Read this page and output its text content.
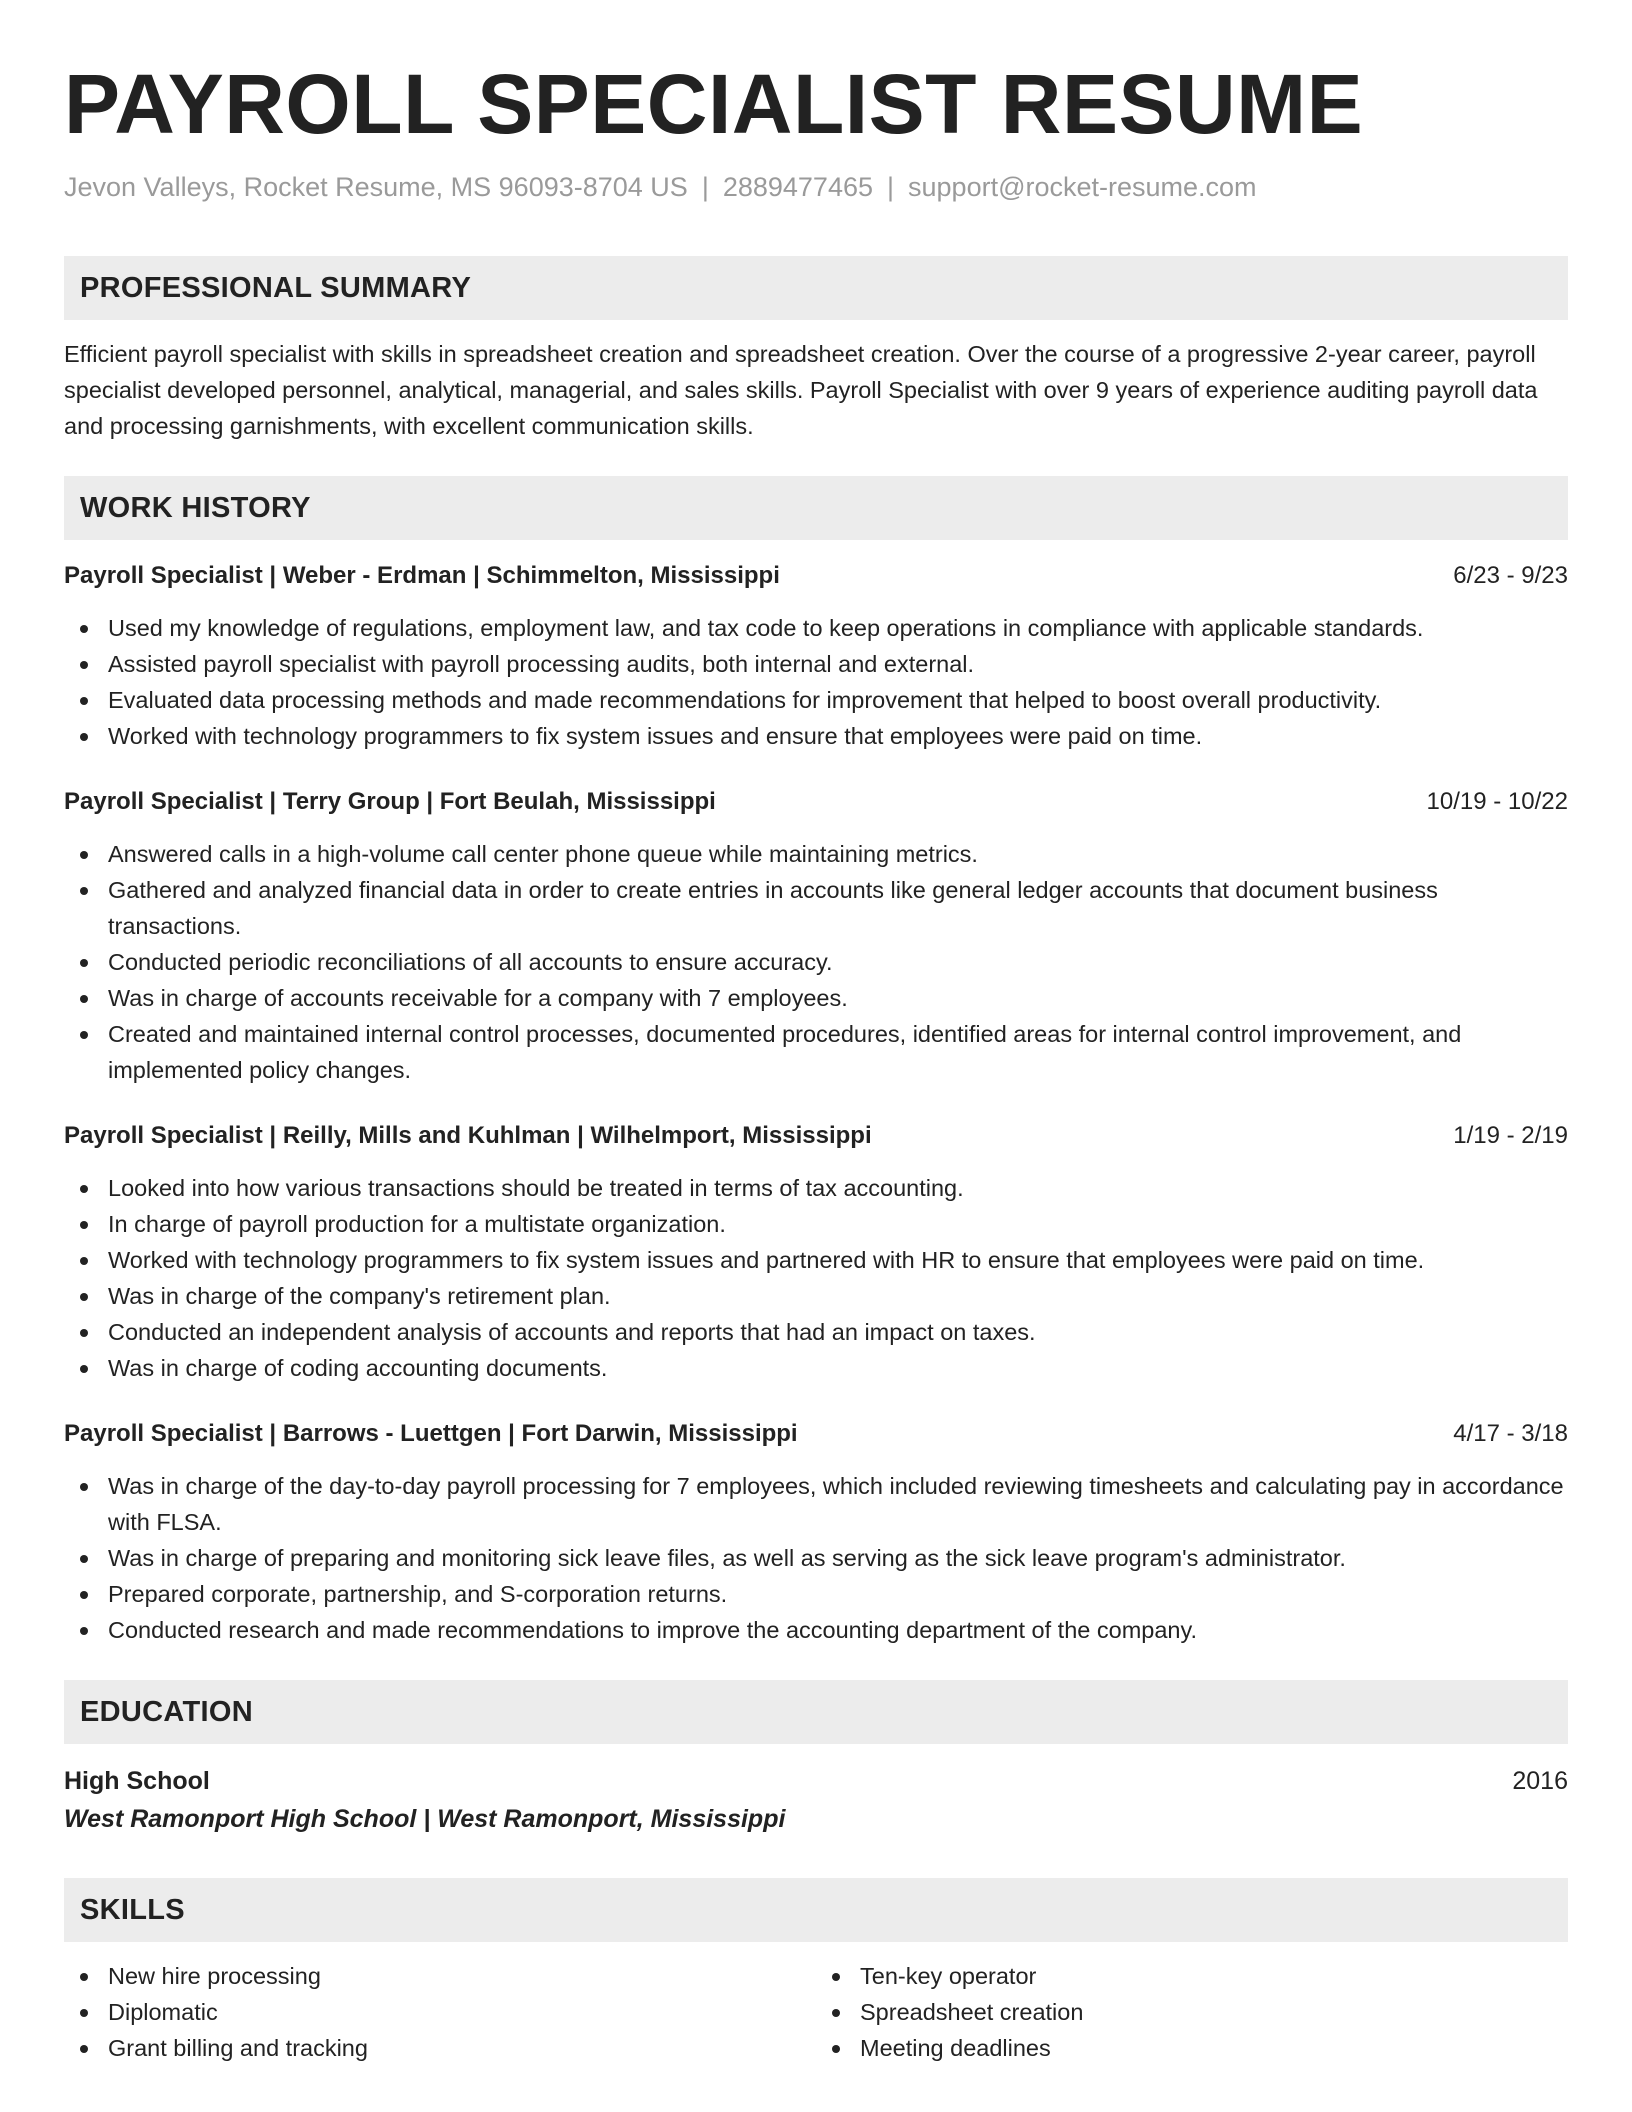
PAYROLL SPECIALIST RESUME
Jevon Valleys, Rocket Resume, MS 96093-8704 US | 2889477465 | support@rocket-resume.com
PROFESSIONAL SUMMARY

Efficient payroll specialist with skills in spreadsheet creation and spreadsheet creation. Over the course of a progressive 2-year career, payroll specialist developed personnel, analytical, managerial, and sales skills. Payroll Specialist with over 9 years of experience auditing payroll data and processing garnishments, with excellent communication skills.

WORK HISTORY
Payroll Specialist | Weber - Erdman | Schimmelton, Mississippi	6/23 - 9/23
Used my knowledge of regulations, employment law, and tax code to keep operations in compliance with applicable standards.
Assisted payroll specialist with payroll processing audits, both internal and external.
Evaluated data processing methods and made recommendations for improvement that helped to boost overall productivity.
Worked with technology programmers to fix system issues and ensure that employees were paid on time.
Payroll Specialist | Terry Group | Fort Beulah, Mississippi	10/19 - 10/22
Answered calls in a high-volume call center phone queue while maintaining metrics.
Gathered and analyzed financial data in order to create entries in accounts like general ledger accounts that document business transactions.
Conducted periodic reconciliations of all accounts to ensure accuracy.
Was in charge of accounts receivable for a company with 7 employees.
Created and maintained internal control processes, documented procedures, identified areas for internal control improvement, and implemented policy changes.
Payroll Specialist | Reilly, Mills and Kuhlman | Wilhelmport, Mississippi	1/19 - 2/19
Looked into how various transactions should be treated in terms of tax accounting.
In charge of payroll production for a multistate organization.
Worked with technology programmers to fix system issues and partnered with HR to ensure that employees were paid on time.
Was in charge of the company's retirement plan.
Conducted an independent analysis of accounts and reports that had an impact on taxes.
Was in charge of coding accounting documents.
Payroll Specialist | Barrows - Luettgen | Fort Darwin, Mississippi	4/17 - 3/18
Was in charge of the day-to-day payroll processing for 7 employees, which included reviewing timesheets and calculating pay in accordance with FLSA.
Was in charge of preparing and monitoring sick leave files, as well as serving as the sick leave program's administrator.
Prepared corporate, partnership, and S-corporation returns.
Conducted research and made recommendations to improve the accounting department of the company.
EDUCATION
High School	2016
West Ramonport High School | West Ramonport, Mississippi
SKILLS
New hire processing
Diplomatic
Grant billing and tracking
Ten-key operator
Spreadsheet creation
Meeting deadlines
